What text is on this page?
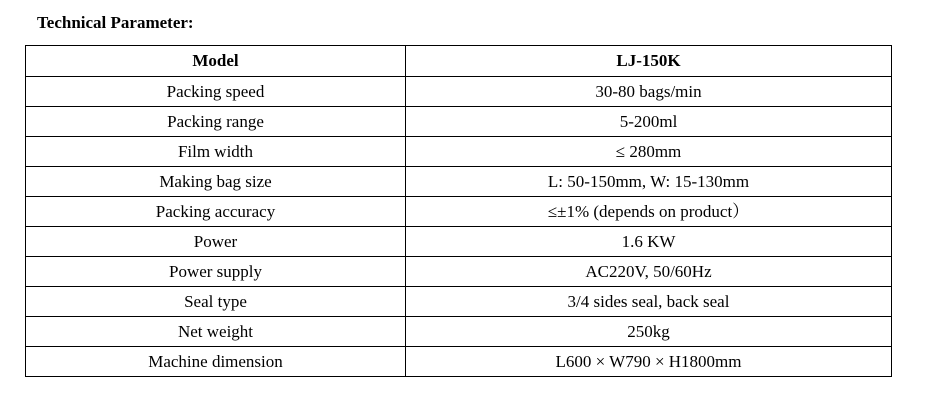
Technical Parameter:
Model	LJ-150K
Packing speed	30-80 bags/min
Packing range	5-200ml
Film width	≤ 280mm
Making bag size	L: 50-150mm, W: 15-130mm
Packing accuracy	≤±1% (depends on product）
Power	1.6 KW
Power supply	AC220V, 50/60Hz
Seal type	3/4 sides seal, back seal
Net weight	250kg
Machine dimension	L600 × W790 × H1800mm
